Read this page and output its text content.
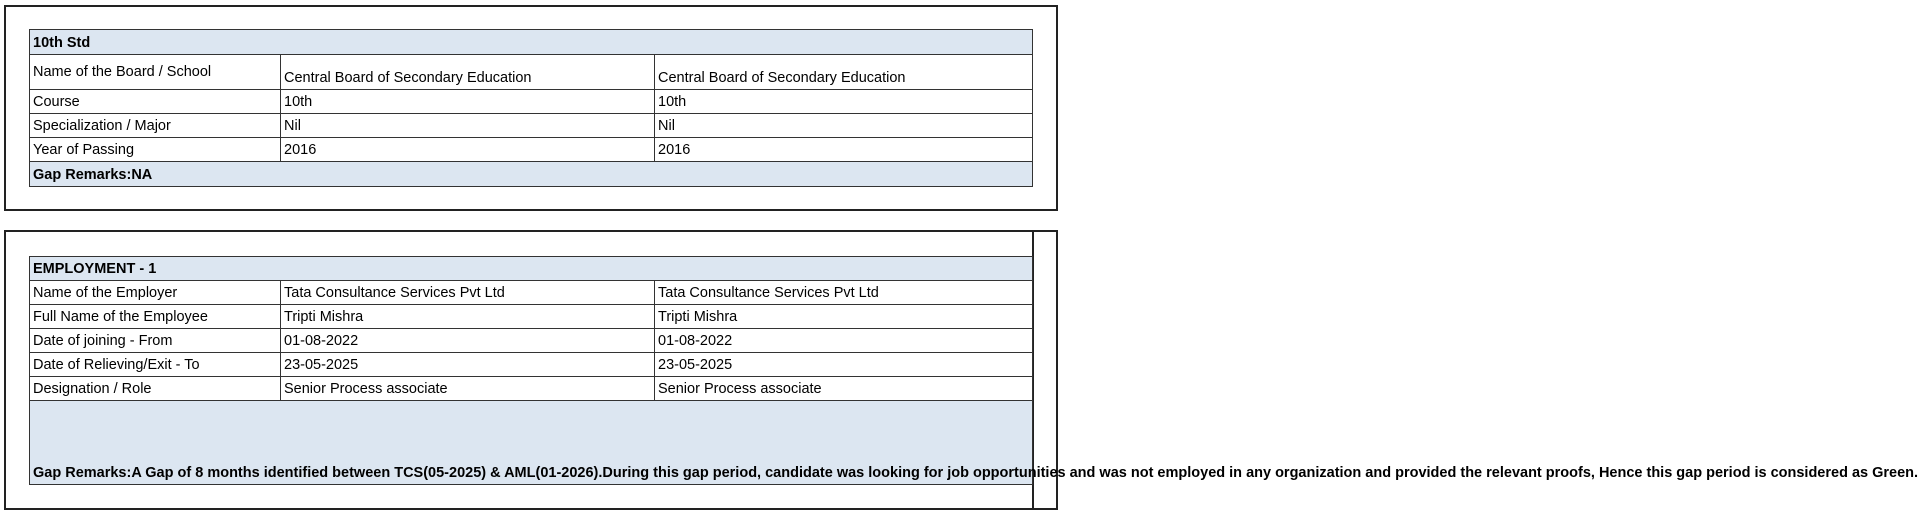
10th Std		
Name of the Board / School	Central Board of Secondary Education	Central Board of Secondary Education
Course	10th	10th
Specialization / Major	Nil	Nil
Year of Passing	2016	2016
Gap Remarks:NA		
EMPLOYMENT - 1		
Name of the Employer	Tata Consultance Services Pvt Ltd	Tata Consultance Services Pvt Ltd
Full Name of the Employee	Tripti Mishra	Tripti Mishra
Date of joining - From	01-08-2022	01-08-2022
Date of Relieving/Exit - To	23-05-2025	23-05-2025
Designation / Role	Senior Process associate	Senior Process associate
Gap Remarks:A Gap of 8 months identified between TCS(05-2025) & AML(01-2026).During this gap period, candidate was looking for job opportunities and was not employed in any organization and provided the relevant proofs, Hence this gap period is considered as Green.		
